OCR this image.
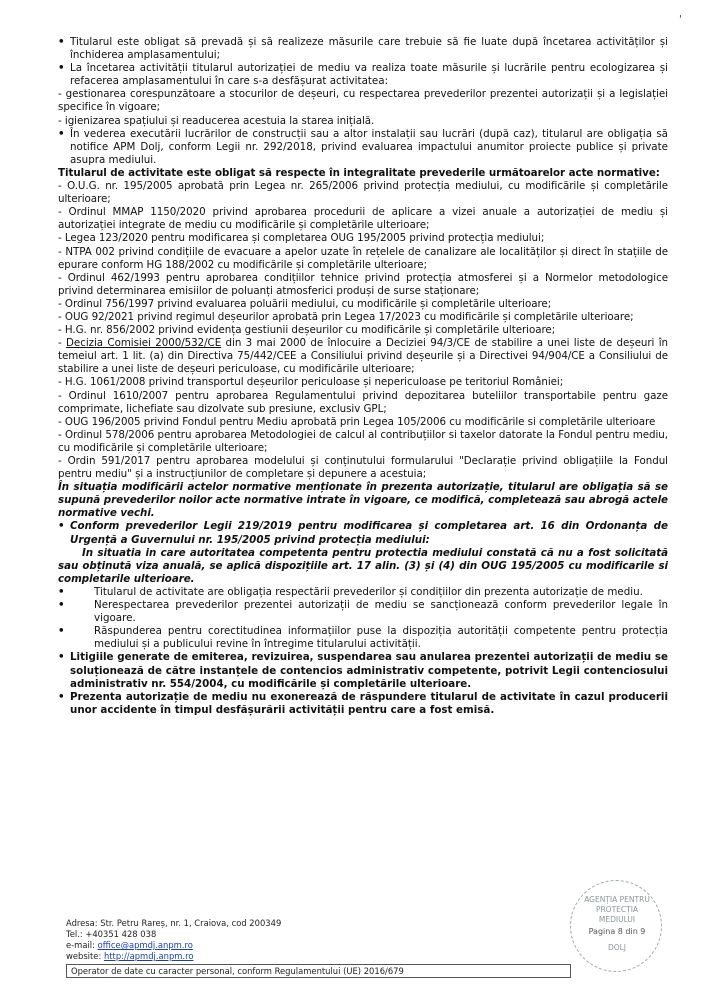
'
• Titularul este obligat să prevadă și să realizeze măsurile care trebuie să fie luate după încetarea activităților și închiderea amplasamentului;
• La încetarea activității titularul autorizației de mediu va realiza toate măsurile și lucrările pentru ecologizarea și refacerea amplasamentului în care s-a desfășurat activitatea:

- gestionarea corespunzătoare a stocurilor de deșeuri, cu respectarea prevederilor prezentei autorizații și a legislației specifice în vigoare;

- igienizarea spațiului și readucerea acestuia la starea inițială.

• În vederea executării lucrărilor de construcții sau a altor instalații sau lucrări (după caz), titularul are obligația să notifice APM Dolj, conform Legii nr. 292/2018, privind evaluarea impactului anumitor proiecte publice și private asupra mediului.

Titularul de activitate este obligat să respecte în integralitate prevederile următoarelor acte normative:

- O.U.G. nr. 195/2005 aprobată prin Legea nr. 265/2006 privind protecția mediului, cu modificările și completările ulterioare;

- Ordinul MMAP 1150/2020 privind aprobarea procedurii de aplicare a vizei anuale a autorizației de mediu și autorizației integrate de mediu cu modificările și completările ulterioare;

- Legea 123/2020 pentru modificarea și completarea OUG 195/2005 privind protecția mediului;

- NTPA 002 privind condițiile de evacuare a apelor uzate în rețelele de canalizare ale localităților și direct în stațiile de epurare conform HG 188/2002 cu modificările și completările ulterioare;

- Ordinul 462/1993 pentru aprobarea condițiilor tehnice privind protecția atmosferei și a Normelor metodologice privind determinarea emisiilor de poluanți atmosferici produși de surse staționare;

- Ordinul 756/1997 privind evaluarea poluării mediului, cu modificările și completările ulterioare;

- OUG 92/2021 privind regimul deșeurilor aprobată prin Legea 17/2023 cu modificările și completările ulterioare;

- H.G. nr. 856/2002 privind evidența gestiunii deșeurilor cu modificările și completările ulterioare;

- Decizia Comisiei 2000/532/CE din 3 mai 2000 de înlocuire a Deciziei 94/3/CE de stabilire a unei liste de deșeuri în temeiul art. 1 lit. (a) din Directiva 75/442/CEE a Consiliului privind deșeurile și a Directivei 94/904/CE a Consiliului de stabilire a unei liste de deșeuri periculoase, cu modificările ulterioare;

- H.G. 1061/2008 privind transportul deșeurilor periculoase și nepericuloase pe teritoriul României;

- Ordinul 1610/2007 pentru aprobarea Regulamentului privind depozitarea buteliilor transportabile pentru gaze comprimate, lichefiate sau dizolvate sub presiune, exclusiv GPL;

- OUG 196/2005 privind Fondul pentru Mediu aprobată prin Legea 105/2006 cu modificările si completările ulterioare

- Ordinul 578/2006 pentru aprobarea Metodologiei de calcul al contribuțiilor si taxelor datorate la Fondul pentru mediu, cu modificările și completările ulterioare;

- Ordin 591/2017 pentru aprobarea modelului și conținutului formularului "Declarație privind obligațiile la Fondul pentru mediu" și a instrucțiunilor de completare și depunere a acestuia;

În situația modificării actelor normative menționate în prezenta autorizație, titularul are obligația să se supună prevederilor noilor acte normative intrate în vigoare, ce modifică, completează sau abrogă actele normative vechi.

• Conform prevederilor Legii 219/2019 pentru modificarea și completarea art. 16 din Ordonanța de Urgență a Guvernului nr. 195/2005 privind protecția mediului:

In situatia in care autoritatea competenta pentru protectia mediului constată că nu a fost solicitată sau obținută viza anuală, se aplică dispozițiile art. 17 alin. (3) și (4) din OUG 195/2005 cu modificarile si completarile ulterioare.

•	Titularul de activitate are obligația respectării prevederilor și condițiilor din prezenta autorizație de mediu.
•	Nerespectarea prevederilor prezentei autorizații de mediu se sancționează conform prevederilor legale în vigoare.
•	Răspunderea pentru corectitudinea informațiilor puse la dispoziția autorității competente pentru protecția mediului și a publicului revine în întregime titularului activității.
• Litigiile generate de emiterea, revizuirea, suspendarea sau anularea prezentei autorizații de mediu se soluționează de către instanțele de contencios administrativ competente, potrivit Legii contenciosului administrativ nr. 554/2004, cu modificările și completările ulterioare.
• Prezenta autorizație de mediu nu exonerează de răspundere titularul de activitate în cazul producerii unor accidente în timpul desfășurării activității pentru care a fost emisă.
Adresa: Str. Petru Rareș, nr. 1, Craiova, cod 200349
Tel.: +40351 428 038
e-mail: office@apmdj.anpm.ro
website: http://apmdj.anpm.ro
Operator de date cu caracter personal, conform Regulamentului (UE) 2016/679
AGENȚIA PENTRU PROTECȚIA MEDIULUI
Pagina 8 din 9
DOLJ
